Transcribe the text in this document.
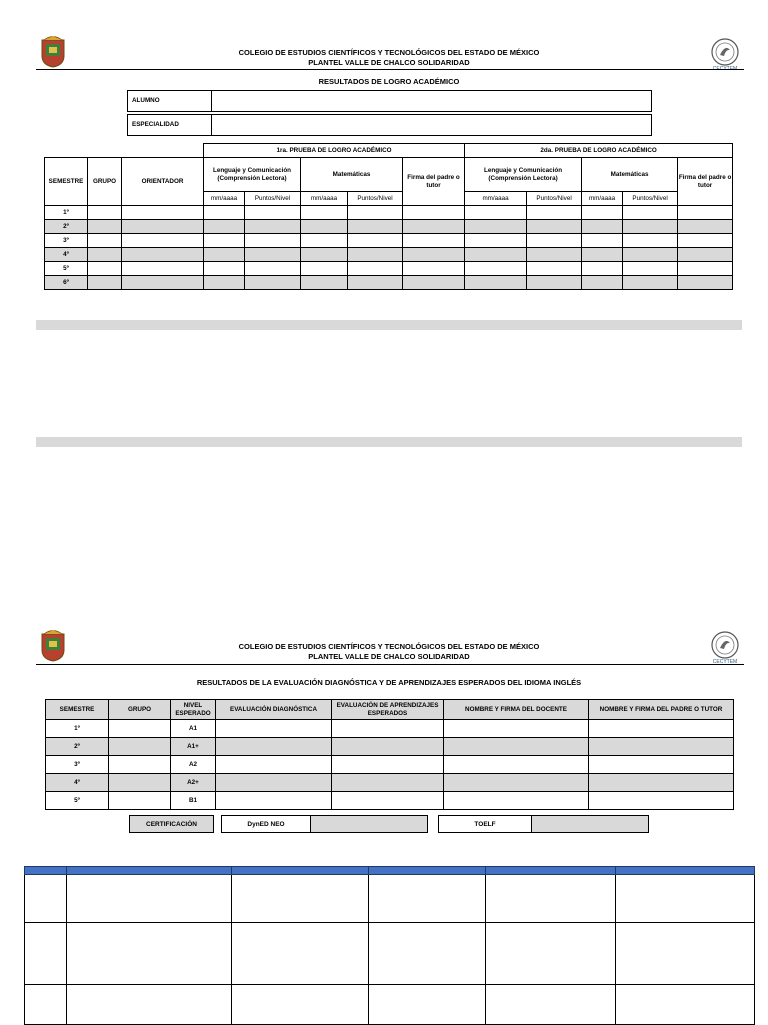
COLEGIO DE ESTUDIOS CIENTÍFICOS Y TECNOLÓGICOS DEL ESTADO DE MÉXICO
PLANTEL VALLE DE CHALCO SOLIDARIDAD
CECYTEM
RESULTADOS DE LOGRO ACADÉMICO
ALUMNO	
ESPECIALIDAD	
			1ra. PRUEBA DE LOGRO ACADÉMICO					2da. PRUEBA DE LOGRO ACADÉMICO				
SEMESTRE	GRUPO	ORIENTADOR	Lenguaje y Comunicación (Comprensión Lectora)		Matemáticas		Firma del padre o tutor	Lenguaje y Comunicación (Comprensión Lectora)		Matemáticas		Firma del padre o tutor
			mm/aaaa	Puntos/Nivel	mm/aaaa	Puntos/Nivel		mm/aaaa	Puntos/Nivel	mm/aaaa	Puntos/Nivel	
1º												
2º												
3º												
4º												
5º												
6º												
COLEGIO DE ESTUDIOS CIENTÍFICOS Y TECNOLÓGICOS DEL ESTADO DE MÉXICO
PLANTEL VALLE DE CHALCO SOLIDARIDAD
CECYTEM
RESULTADOS DE LA EVALUACIÓN DIAGNÓSTICA Y DE APRENDIZAJES ESPERADOS DEL IDIOMA INGLÉS
SEMESTRE	GRUPO	NIVEL ESPERADO	EVALUACIÓN DIAGNÓSTICA	EVALUACIÓN DE APRENDIZAJES ESPERADOS	NOMBRE Y FIRMA DEL DOCENTE	NOMBRE Y FIRMA DEL PADRE O TUTOR
1º		A1				
2º		A1+				
3º		A2				
4º		A2+				
5º		B1				
CERTIFICACIÓN	DynED NEO	TOELF
